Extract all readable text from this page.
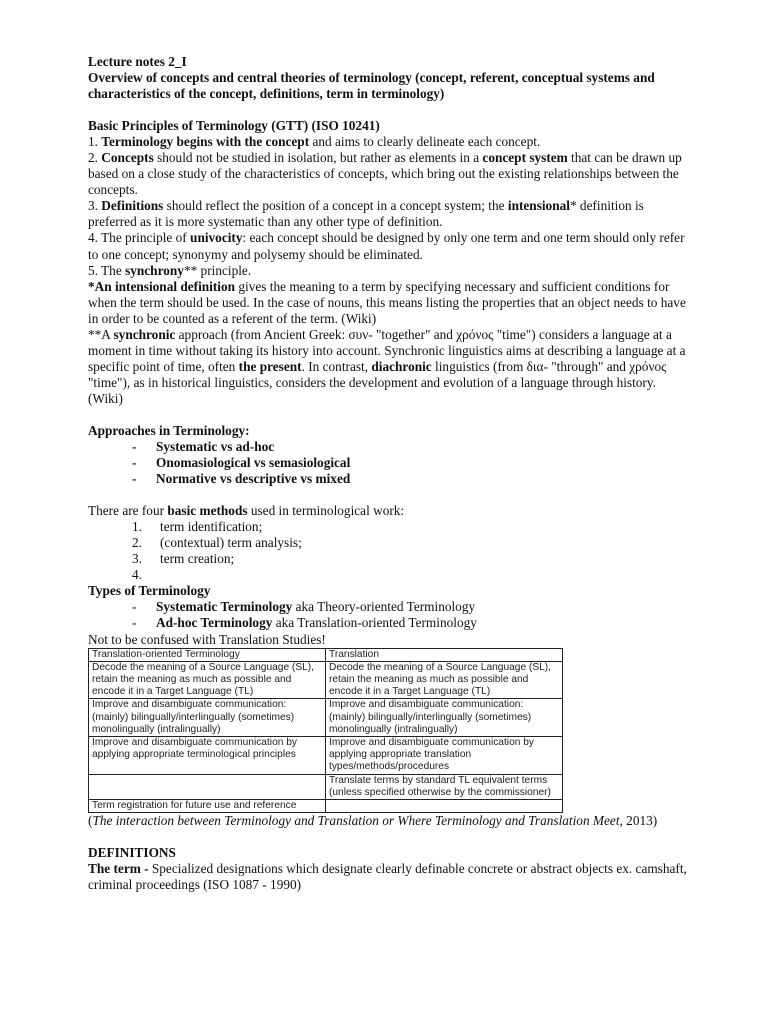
Lecture notes 2_I
Overview of concepts and central theories of terminology (concept, referent, conceptual systems and characteristics of the concept, definitions, term in terminology)
Basic Principles of Terminology (GTT) (ISO 10241)
1. Terminology begins with the concept and aims to clearly delineate each concept.
2. Concepts should not be studied in isolation, but rather as elements in a concept system that can be drawn up based on a close study of the characteristics of concepts, which bring out the existing relationships between the concepts.
3. Definitions should reflect the position of a concept in a concept system; the intensional* definition is preferred as it is more systematic than any other type of definition.
4. The principle of univocity: each concept should be designed by only one term and one term should only refer to one concept; synonymy and polysemy should be eliminated.
5. The synchrony** principle.
*An intensional definition gives the meaning to a term by specifying necessary and sufficient conditions for when the term should be used. In the case of nouns, this means listing the properties that an object needs to have in order to be counted as a referent of the term. (Wiki)
**A synchronic approach (from Ancient Greek: συν- "together" and χρόνος "time") considers a language at a moment in time without taking its history into account. Synchronic linguistics aims at describing a language at a specific point of time, often the present. In contrast, diachronic linguistics (from δια- "through" and χρόνος "time"), as in historical linguistics, considers the development and evolution of a language through history. (Wiki)
Approaches in Terminology:
- Systematic vs ad-hoc
- Onomasiological vs semasiological
- Normative vs descriptive vs mixed
There are four basic methods used in terminological work:
1. term identification;
2. (contextual) term analysis;
3. term creation;
4.
Types of Terminology
- Systematic Terminology aka Theory-oriented Terminology
- Ad-hoc Terminology aka Translation-oriented Terminology
Not to be confused with Translation Studies!
Translation-oriented Terminology	Translation
Decode the meaning of a Source Language (SL), retain the meaning as much as possible and encode it in a Target Language (TL)	Decode the meaning of a Source Language (SL), retain the meaning as much as possible and encode it in a Target Language (TL)
Improve and disambiguate communication: (mainly) bilingually/interlingually (sometimes) monolingually (intralingually)	Improve and disambiguate communication: (mainly) bilingually/interlingually (sometimes) monolingually (intralingually)
Improve and disambiguate communication by applying appropriate terminological principles	Improve and disambiguate communication by applying appropriate translation types/methods/procedures
	Translate terms by standard TL equivalent terms (unless specified otherwise by the commissioner)
Term registration for future use and reference	
(The interaction between Terminology and Translation or Where Terminology and Translation Meet, 2013)
DEFINITIONS
The term - Specialized designations which designate clearly definable concrete or abstract objects ex. camshaft, criminal proceedings (ISO 1087 - 1990)
